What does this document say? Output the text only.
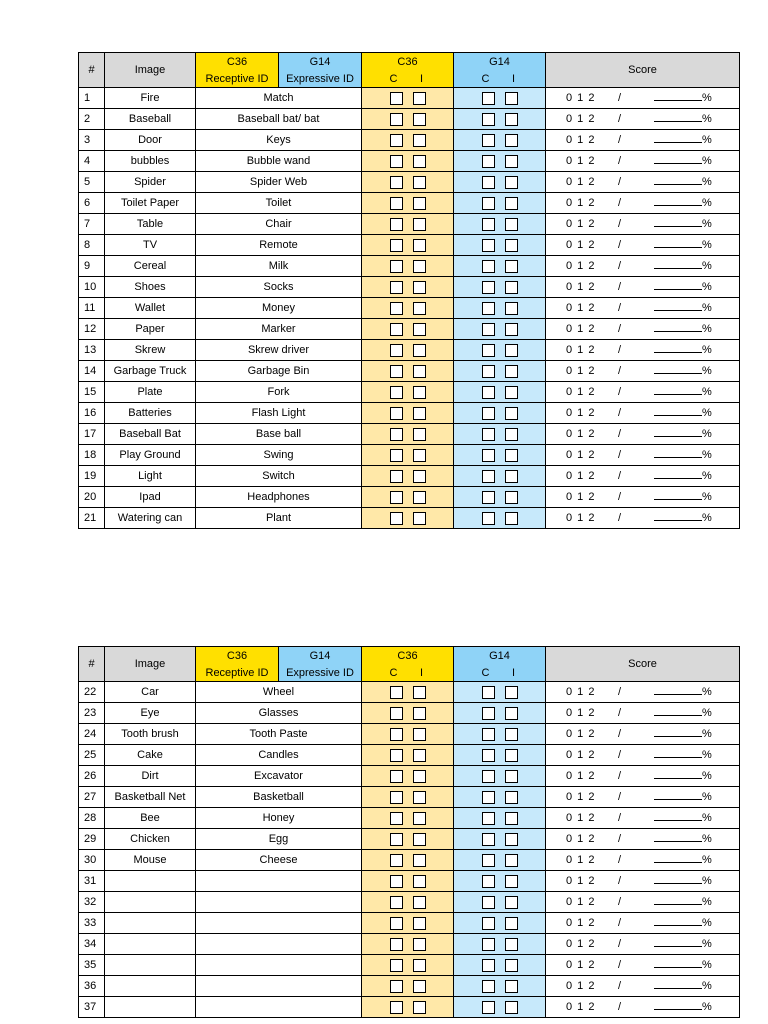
#	Image	C36	G14	C36	G14	Score
		Receptive ID	Expressive ID	C I	C I	
1	Fire	Match				0 1 2 / %
2	Baseball	Baseball bat/ bat				0 1 2 / %
3	Door	Keys				0 1 2 / %
4	bubbles	Bubble wand				0 1 2 / %
5	Spider	Spider Web				0 1 2 / %
6	Toilet Paper	Toilet				0 1 2 / %
7	Table	Chair				0 1 2 / %
8	TV	Remote				0 1 2 / %
9	Cereal	Milk				0 1 2 / %
10	Shoes	Socks				0 1 2 / %
11	Wallet	Money				0 1 2 / %
12	Paper	Marker				0 1 2 / %
13	Skrew	Skrew driver				0 1 2 / %
14	Garbage Truck	Garbage Bin				0 1 2 / %
15	Plate	Fork				0 1 2 / %
16	Batteries	Flash Light				0 1 2 / %
17	Baseball Bat	Base ball				0 1 2 / %
18	Play Ground	Swing				0 1 2 / %
19	Light	Switch				0 1 2 / %
20	Ipad	Headphones				0 1 2 / %
21	Watering can	Plant				0 1 2 / %
#	Image	C36	G14	C36	G14	Score
		Receptive ID	Expressive ID	C I	C I	
22	Car	Wheel				0 1 2 / %
23	Eye	Glasses				0 1 2 / %
24	Tooth brush	Tooth Paste				0 1 2 / %
25	Cake	Candles				0 1 2 / %
26	Dirt	Excavator				0 1 2 / %
27	Basketball Net	Basketball				0 1 2 / %
28	Bee	Honey				0 1 2 / %
29	Chicken	Egg				0 1 2 / %
30	Mouse	Cheese				0 1 2 / %
31						0 1 2 / %
32						0 1 2 / %
33						0 1 2 / %
34						0 1 2 / %
35						0 1 2 / %
36						0 1 2 / %
37						0 1 2 / %
